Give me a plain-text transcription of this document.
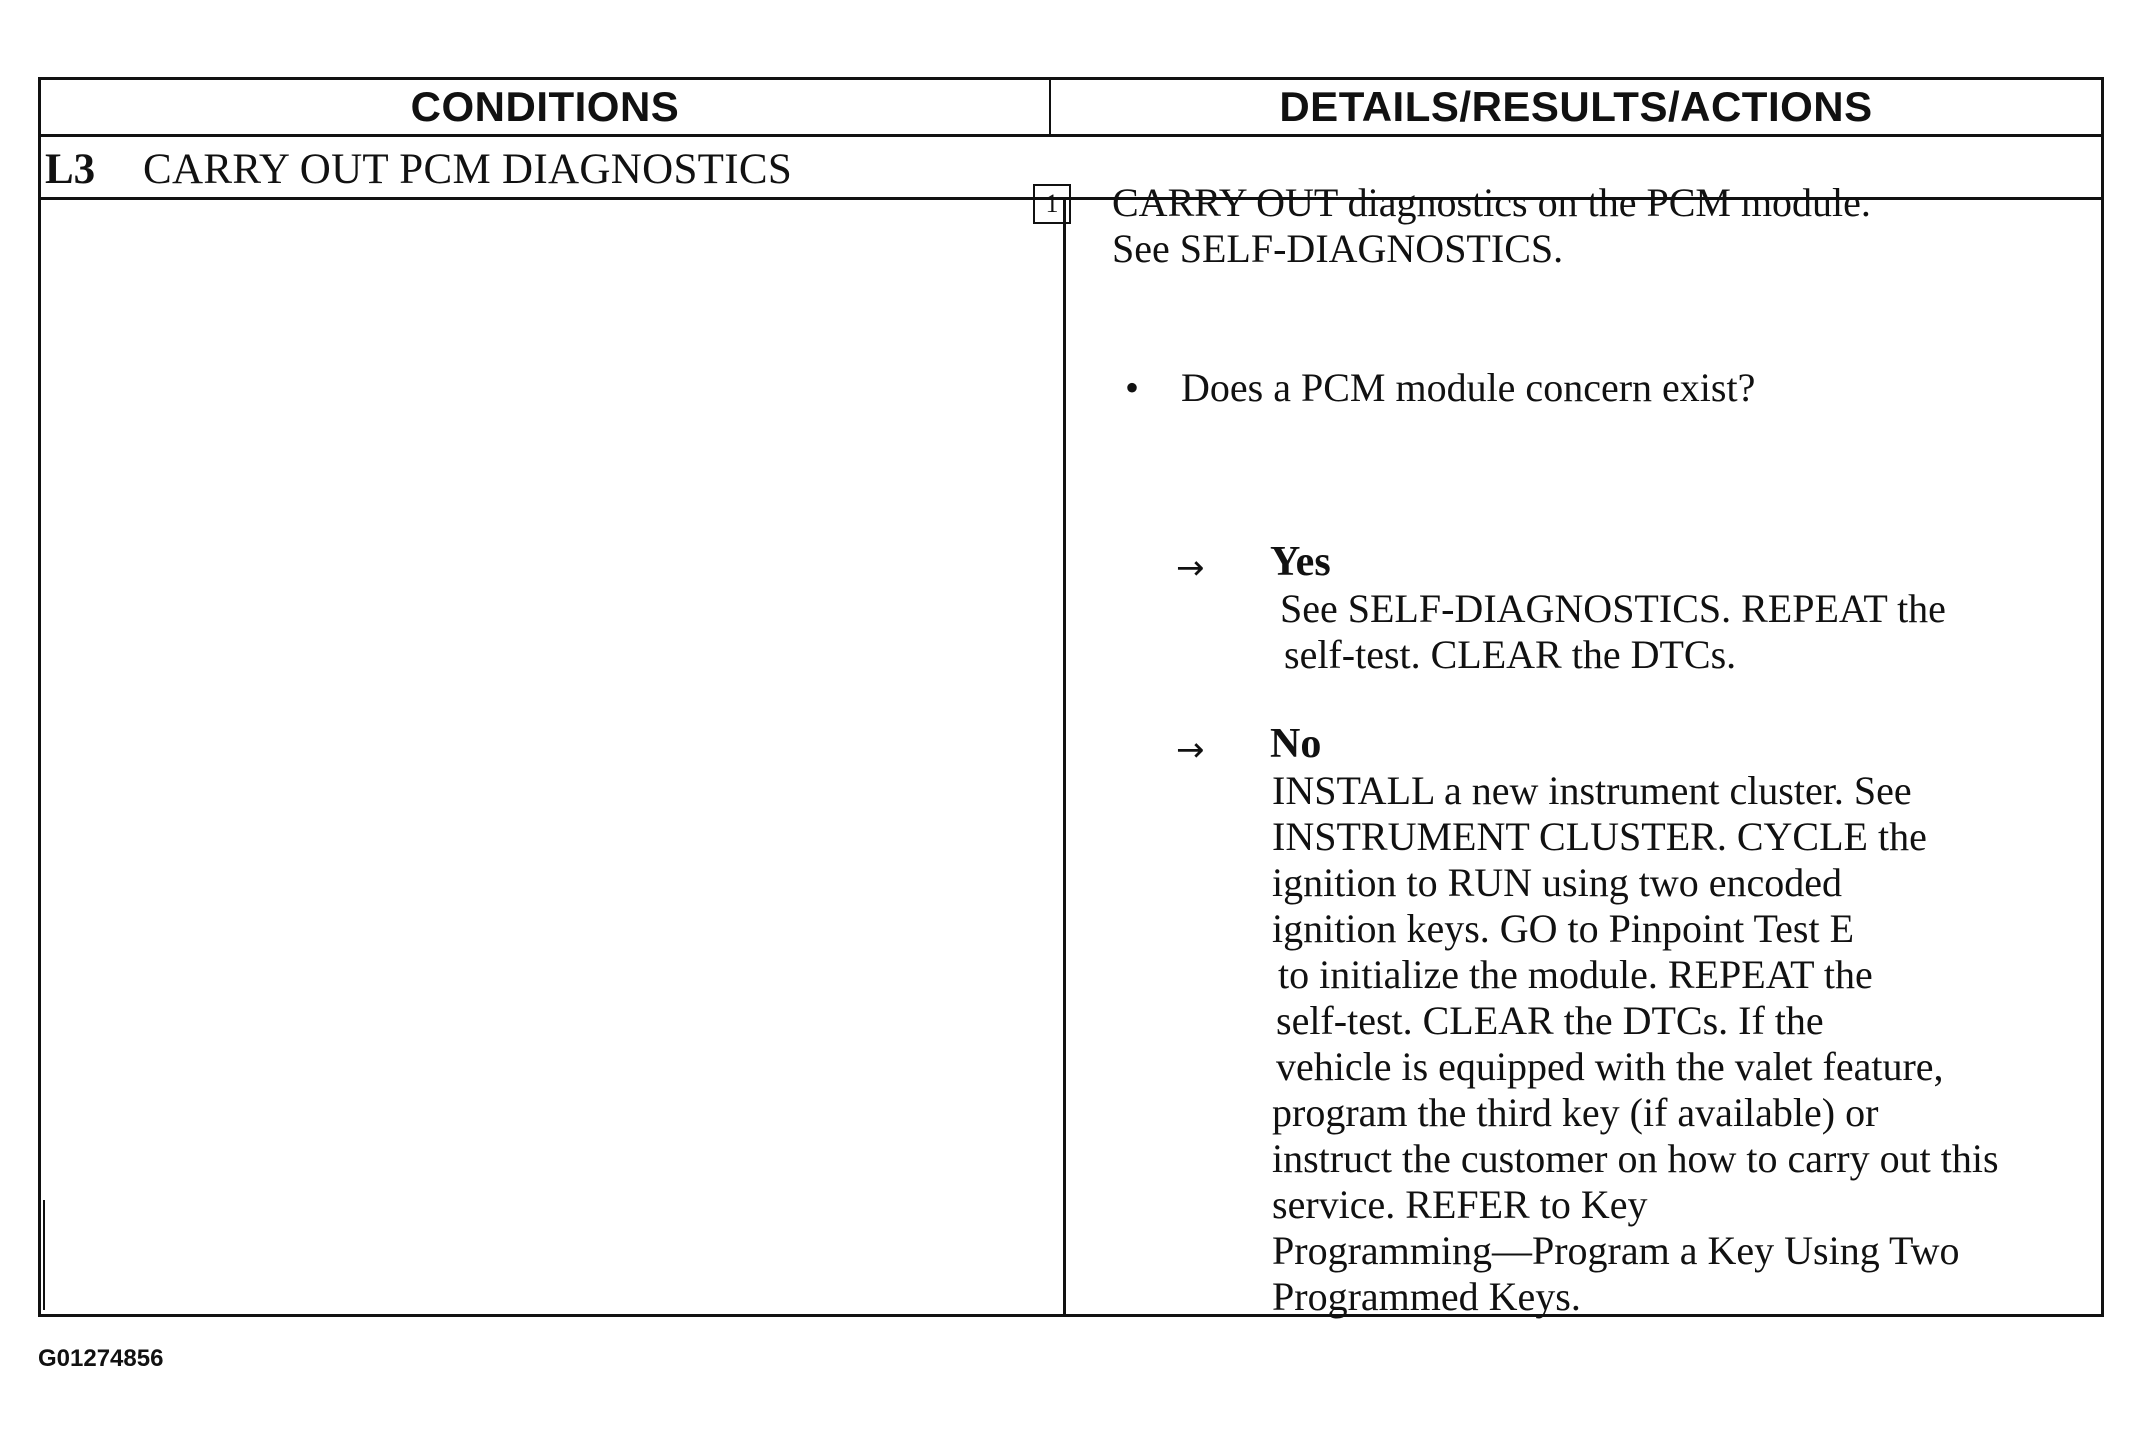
CONDITIONS	DETAILS/RESULTS/ACTIONS
L3 CARRY OUT PCM DIAGNOSTICS
1	CARRY OUT diagnostics on the PCM module.

See SELF-DIAGNOSTICS.

• Does a PCM module concern exist?
→ Yes

See SELF-DIAGNOSTICS. REPEAT the

self-test. CLEAR the DTCs.

→ No

INSTALL a new instrument cluster. See

INSTRUMENT CLUSTER. CYCLE the

ignition to RUN using two encoded

ignition keys. GO to Pinpoint Test E

to initialize the module. REPEAT the

self-test. CLEAR the DTCs. If the

vehicle is equipped with the valet feature,

program the third key (if available) or

instruct the customer on how to carry out this

service. REFER to Key

Programming—Program a Key Using Two

Programmed Keys.

G01274856
